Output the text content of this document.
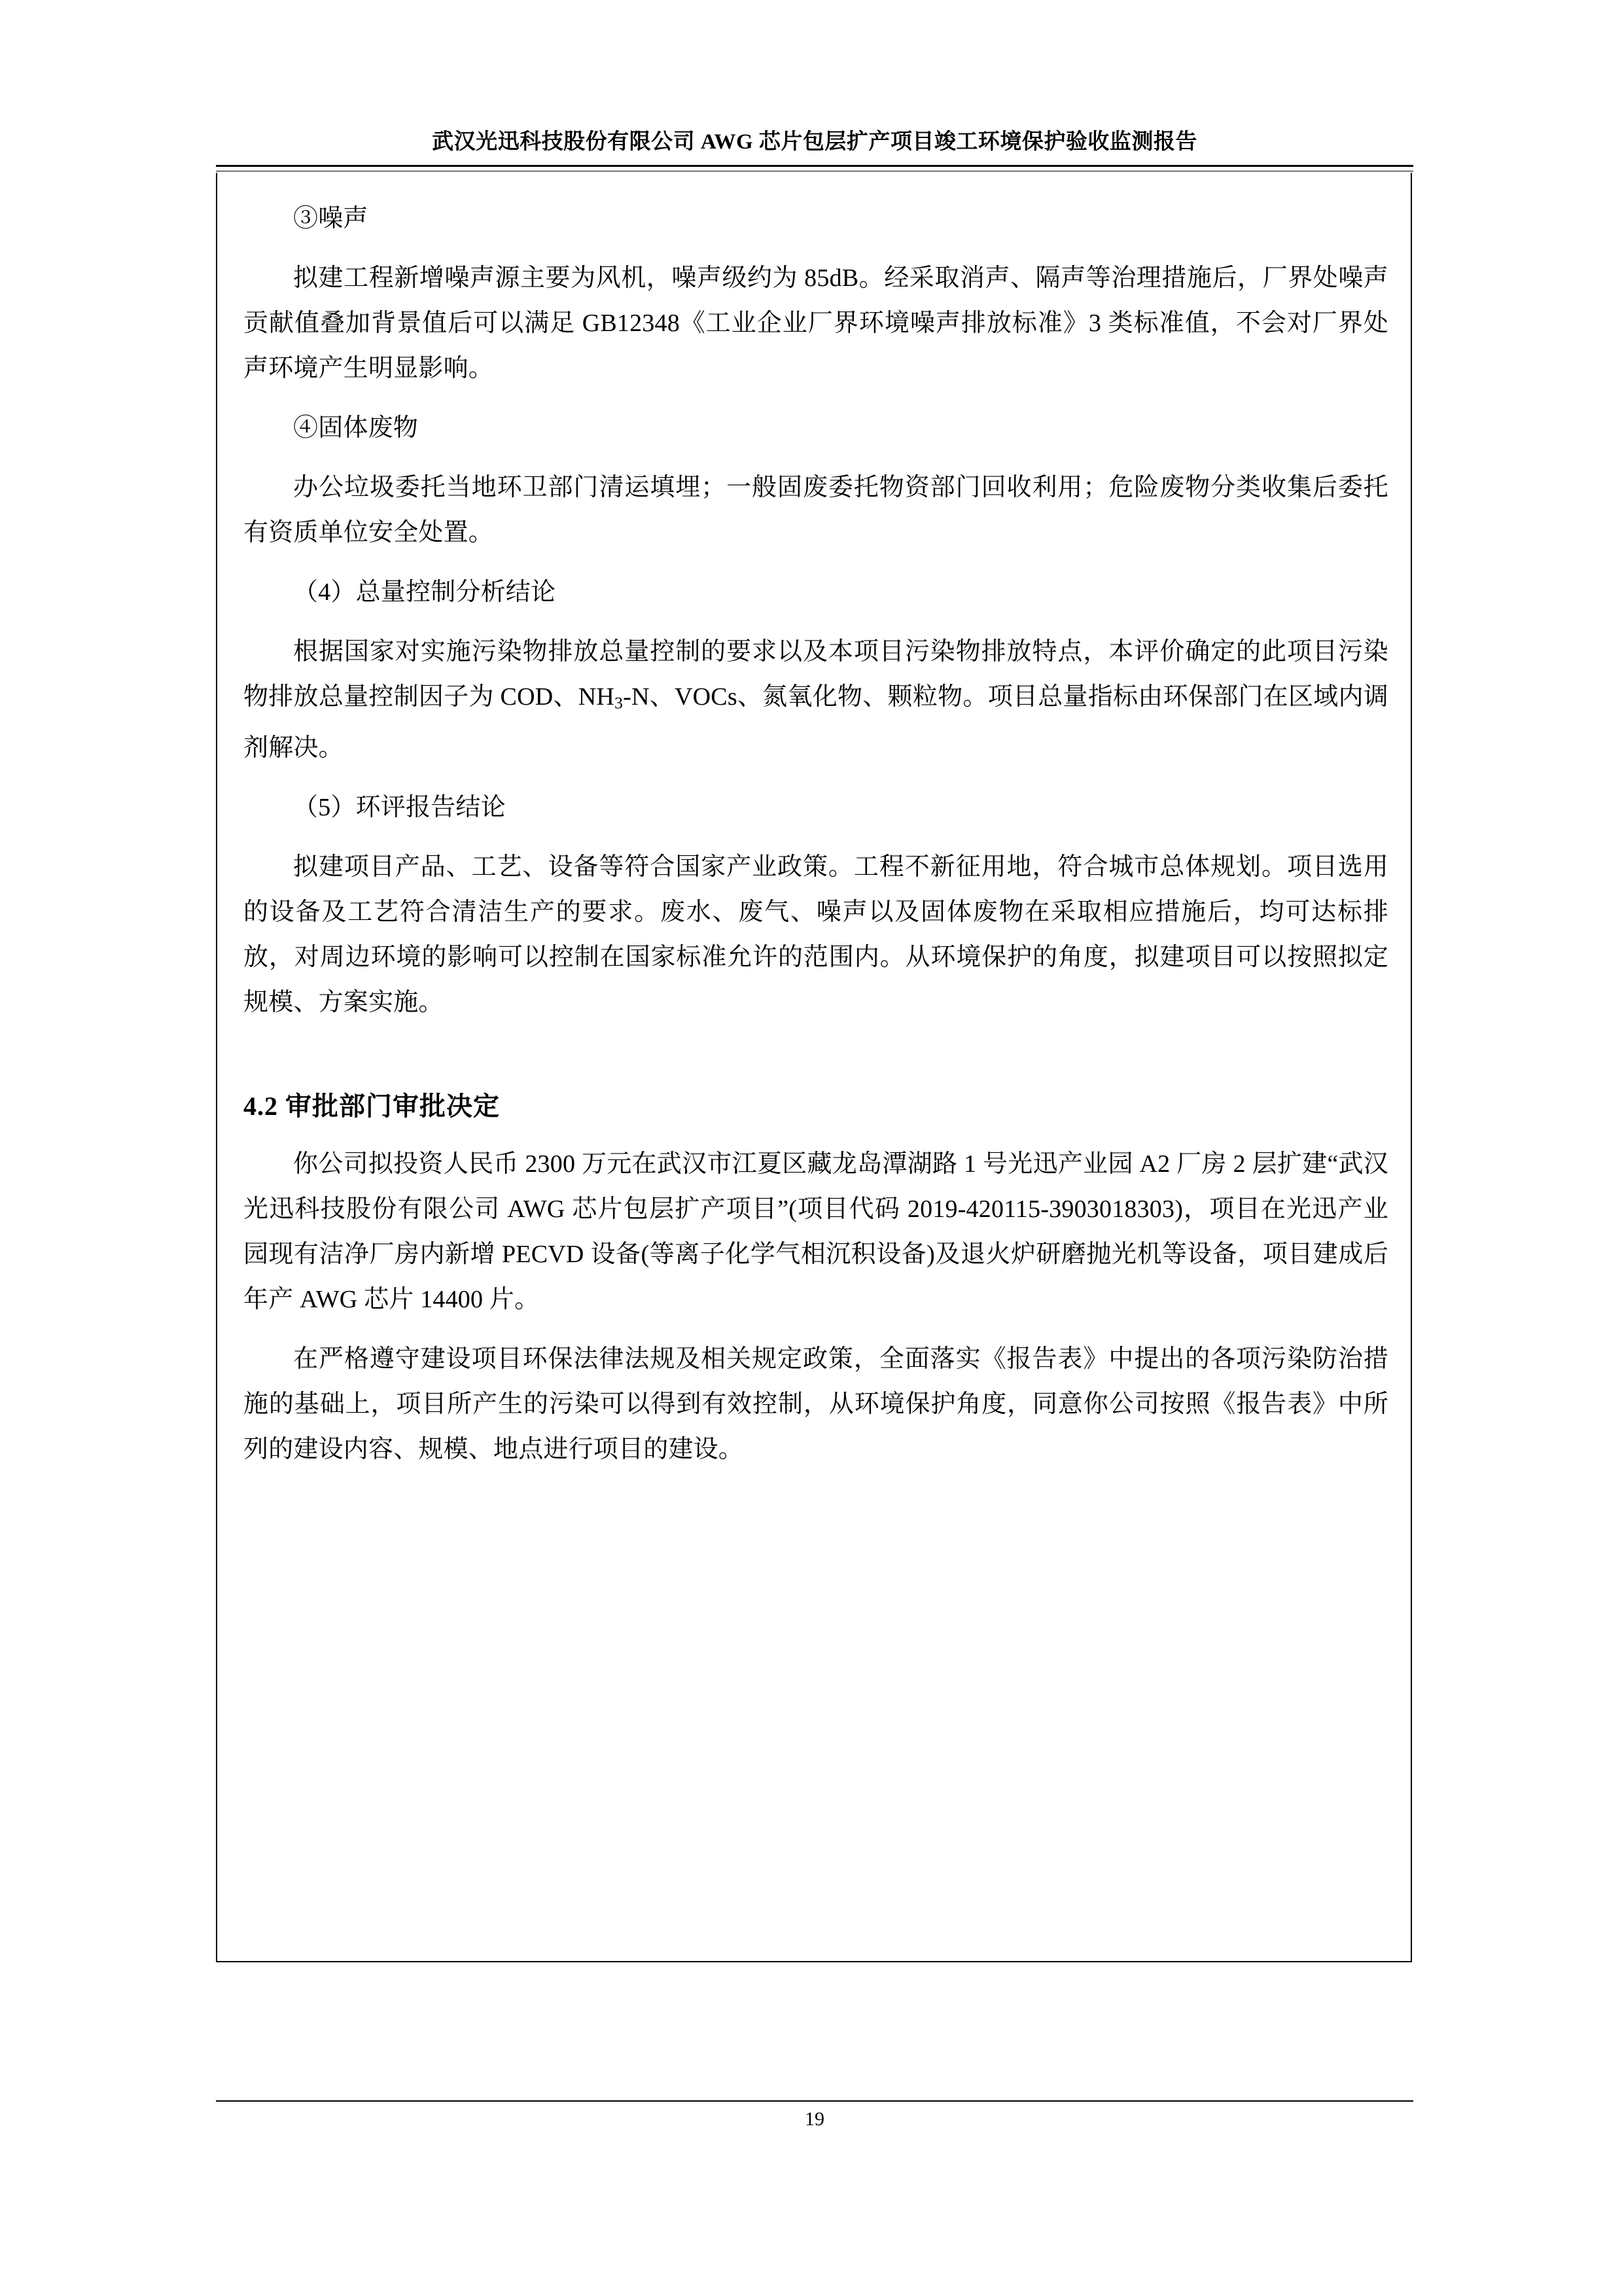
武汉光迅科技股份有限公司 AWG 芯片包层扩产项目竣工环境保护验收监测报告

③噪声

拟建工程新增噪声源主要为风机，噪声级约为 85dB。经采取消声、隔声等治理措施后，厂界处噪声贡献值叠加背景值后可以满足 GB12348《工业企业厂界环境噪声排放标准》3 类标准值，不会对厂界处声环境产生明显影响。

④固体废物

办公垃圾委托当地环卫部门清运填埋；一般固废委托物资部门回收利用；危险废物分类收集后委托有资质单位安全处置。

（4）总量控制分析结论

根据国家对实施污染物排放总量控制的要求以及本项目污染物排放特点，本评价确定的此项目污染物排放总量控制因子为 COD、$NH_3-N$、VOCs、氮氧化物、颗粒物。项目总量指标由环保部门在区域内调剂解决。

（5）环评报告结论

拟建项目产品、工艺、设备等符合国家产业政策。工程不新征用地，符合城市总体规划。项目选用的设备及工艺符合清洁生产的要求。废水、废气、噪声以及固体废物在采取相应措施后，均可达标排放，对周边环境的影响可以控制在国家标准允许的范围内。从环境保护的角度，拟建项目可以按照拟定规模、方案实施。

4.2 审批部门审批决定

你公司拟投资人民币 2300 万元在武汉市江夏区藏龙岛潭湖路 1 号光迅产业园 A2 厂房 2 层扩建“武汉光迅科技股份有限公司 AWG 芯片包层扩产项目”(项目代码 2019-420115-3903018303)，项目在光迅产业园现有洁净厂房内新增 PECVD 设备(等离子化学气相沉积设备)及退火炉研磨抛光机等设备，项目建成后年产 AWG 芯片 14400 片。

在严格遵守建设项目环保法律法规及相关规定政策，全面落实《报告表》中提出的各项污染防治措施的基础上，项目所产生的污染可以得到有效控制，从环境保护角度，同意你公司按照《报告表》中所列的建设内容、规模、地点进行项目的建设。

19
